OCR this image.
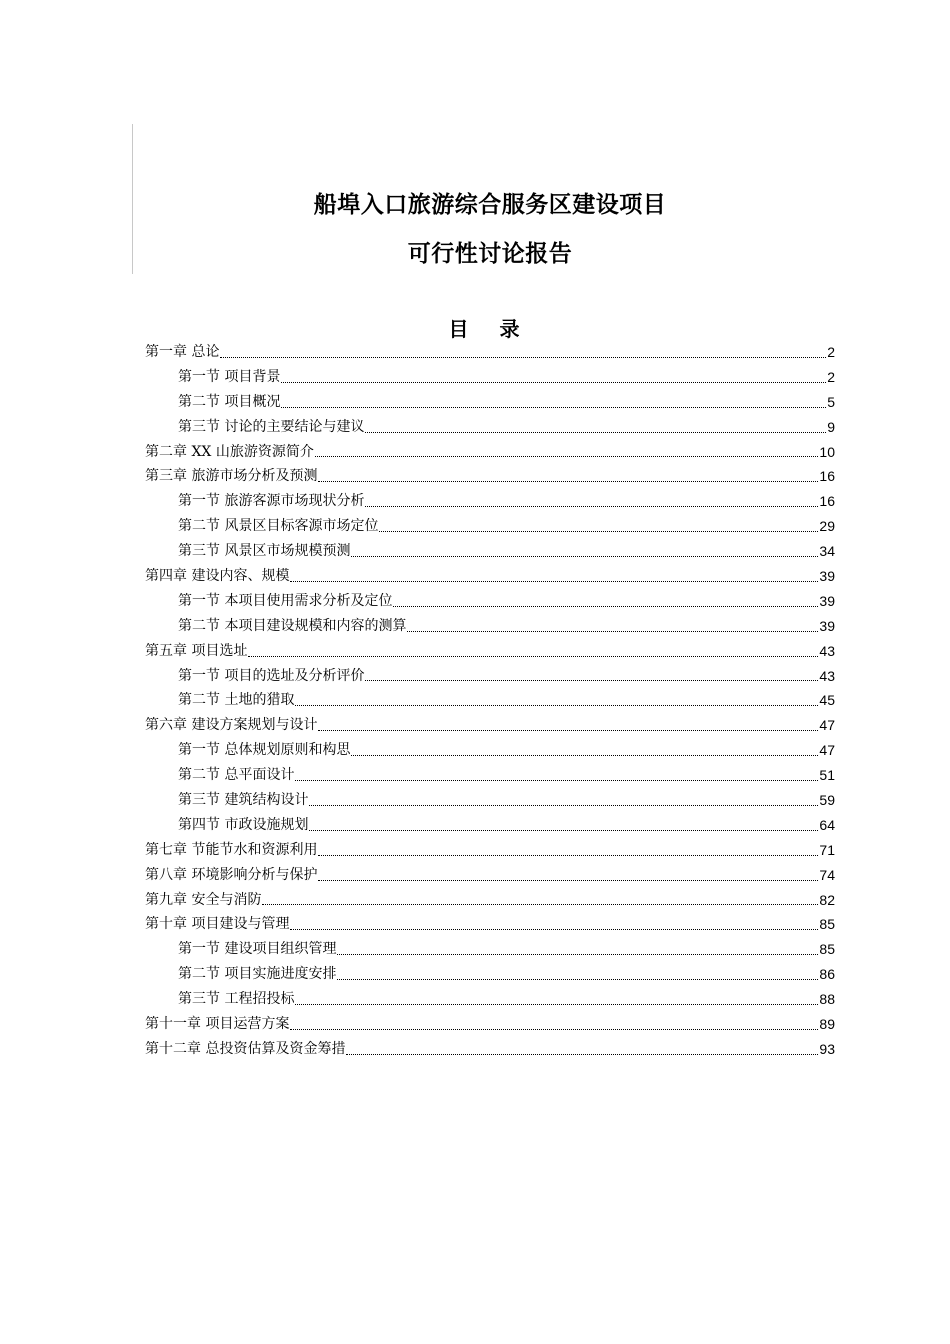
船埠入口旅游综合服务区建设项目
可行性讨论报告
目 录
第一章 总论	2
第一节 项目背景	2
第二节 项目概况	5
第三节 讨论的主要结论与建议	9
第二章 XX 山旅游资源简介	10
第三章 旅游市场分析及预测	16
第一节 旅游客源市场现状分析	16
第二节 风景区目标客源市场定位	29
第三节 风景区市场规模预测	34
第四章 建设内容、规模	39
第一节 本项目使用需求分析及定位	39
第二节 本项目建设规模和内容的测算	39
第五章 项目选址	43
第一节 项目的选址及分析评价	43
第二节 土地的猎取	45
第六章 建设方案规划与设计	47
第一节 总体规划原则和构思	47
第二节 总平面设计	51
第三节 建筑结构设计	59
第四节 市政设施规划	64
第七章 节能节水和资源利用	71
第八章 环境影响分析与保护	74
第九章 安全与消防	82
第十章 项目建设与管理	85
第一节 建设项目组织管理	85
第二节 项目实施进度安排	86
第三节 工程招投标	88
第十一章 项目运营方案	89
第十二章 总投资估算及资金筹措	93
